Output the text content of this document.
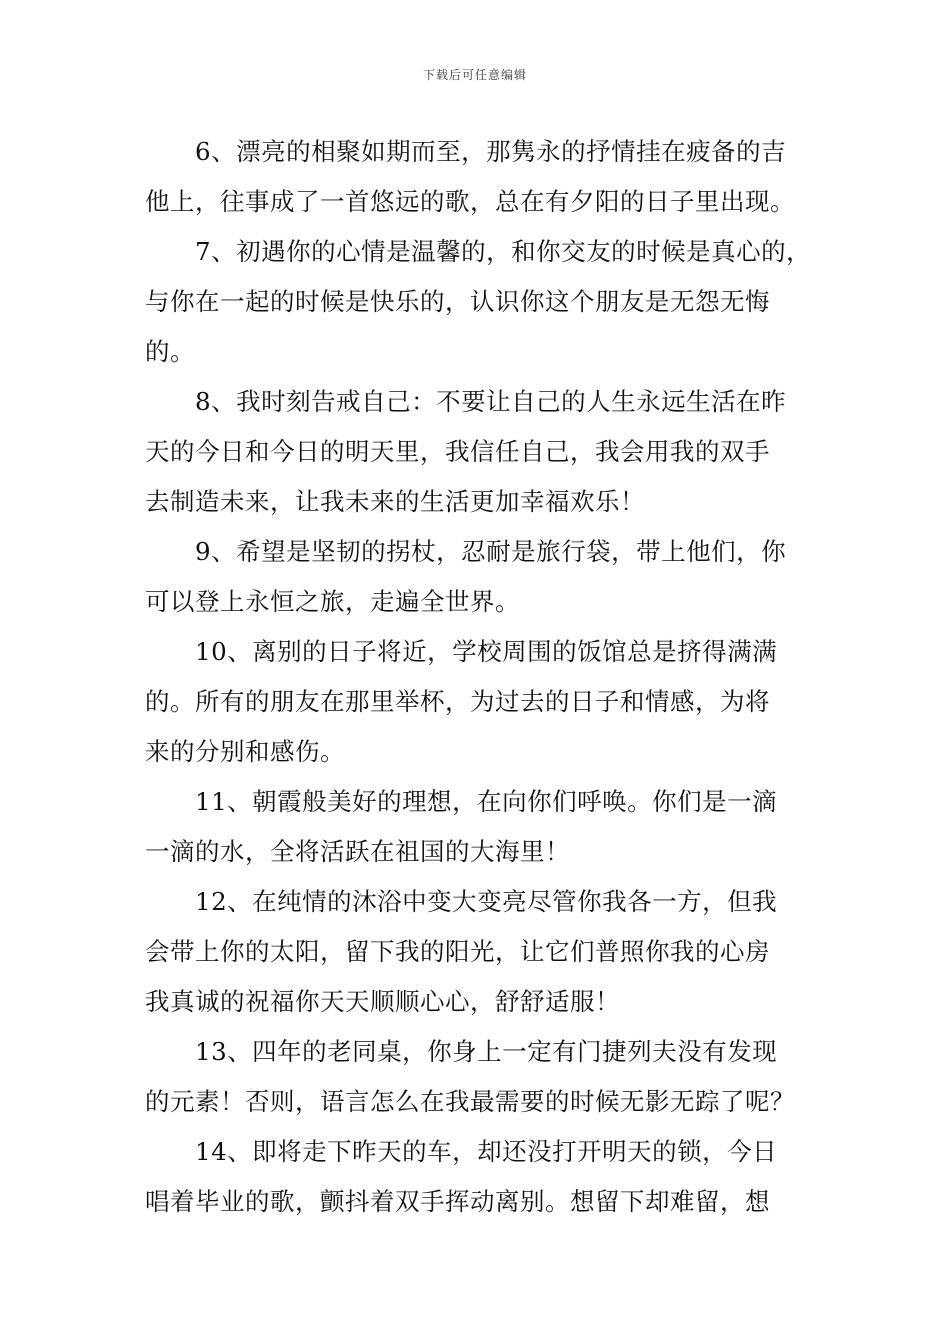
下载后可任意编辑
6、漂亮的相聚如期而至，那隽永的抒情挂在疲备的吉
他上，往事成了一首悠远的歌，总在有夕阳的日子里出现。
7、初遇你的心情是温馨的，和你交友的时候是真心的，
与你在一起的时候是快乐的，认识你这个朋友是无怨无悔
的。
8、我时刻告戒自己：不要让自己的人生永远生活在昨
天的今日和今日的明天里，我信任自己，我会用我的双手
去制造未来，让我未来的生活更加幸福欢乐！
9、希望是坚韧的拐杖，忍耐是旅行袋，带上他们，你
可以登上永恒之旅，走遍全世界。
10、离别的日子将近，学校周围的饭馆总是挤得满满
的。所有的朋友在那里举杯，为过去的日子和情感，为将
来的分别和感伤。
11、朝霞般美好的理想，在向你们呼唤。你们是一滴
一滴的水，全将活跃在祖国的大海里！
12、在纯情的沐浴中变大变亮尽管你我各一方，但我
会带上你的太阳，留下我的阳光，让它们普照你我的心房
我真诚的祝福你天天顺顺心心，舒舒适服！
13、四年的老同桌，你身上一定有门捷列夫没有发现
的元素！否则，语言怎么在我最需要的时候无影无踪了呢？
14、即将走下昨天的车，却还没打开明天的锁，今日
唱着毕业的歌，颤抖着双手挥动离别。想留下却难留，想
